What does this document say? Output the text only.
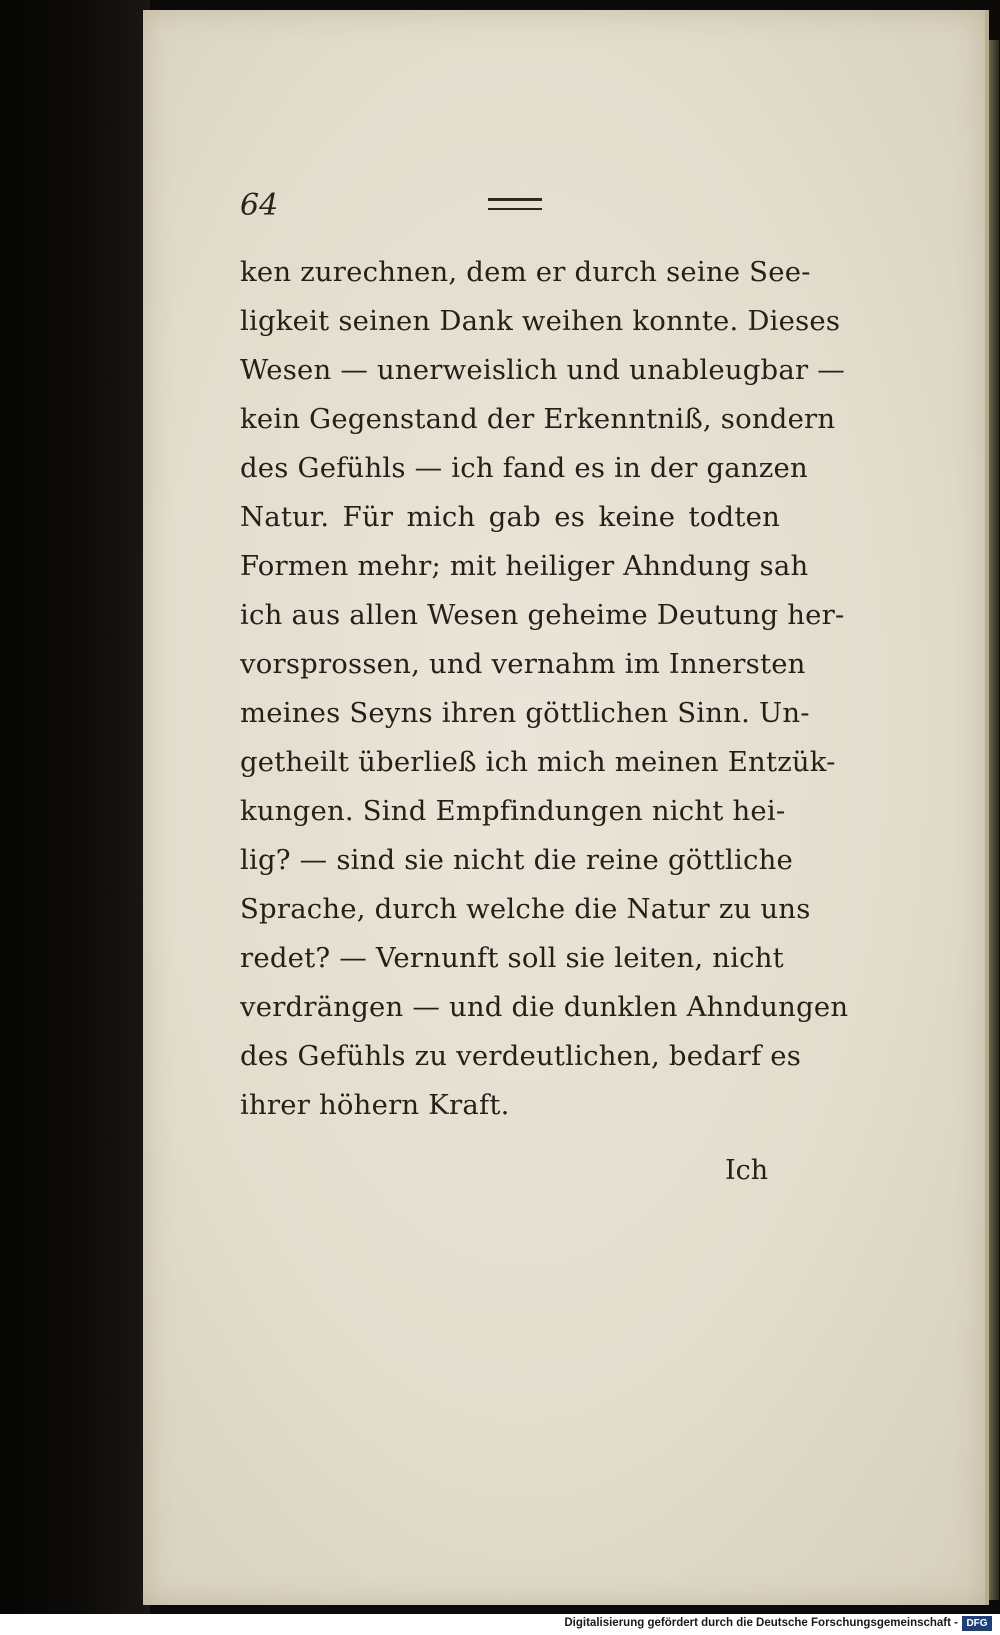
64
ken zurechnen, dem er durch seine See-
ligkeit seinen Dank weihen konnte. Dieses
Wesen — unerweislich und unableugbar —
kein Gegenstand der Erkenntniß, sondern
des Gefühls — ich fand es in der ganzen
Natur. Für mich gab es keine todten
Formen mehr; mit heiliger Ahndung sah
ich aus allen Wesen geheime Deutung her-
vorsprossen, und vernahm im Innersten
meines Seyns ihren göttlichen Sinn. Un-
getheilt überließ ich mich meinen Entzük-
kungen. Sind Empfindungen nicht hei-
lig? — sind sie nicht die reine göttliche
Sprache, durch welche die Natur zu uns
redet? — Vernunft soll sie leiten, nicht
verdrängen — und die dunklen Ahndungen
des Gefühls zu verdeutlichen, bedarf es
ihrer höhern Kraft.
Ich
Digitalisierung gefördert durch die Deutsche Forschungsgemeinschaft - DFG
